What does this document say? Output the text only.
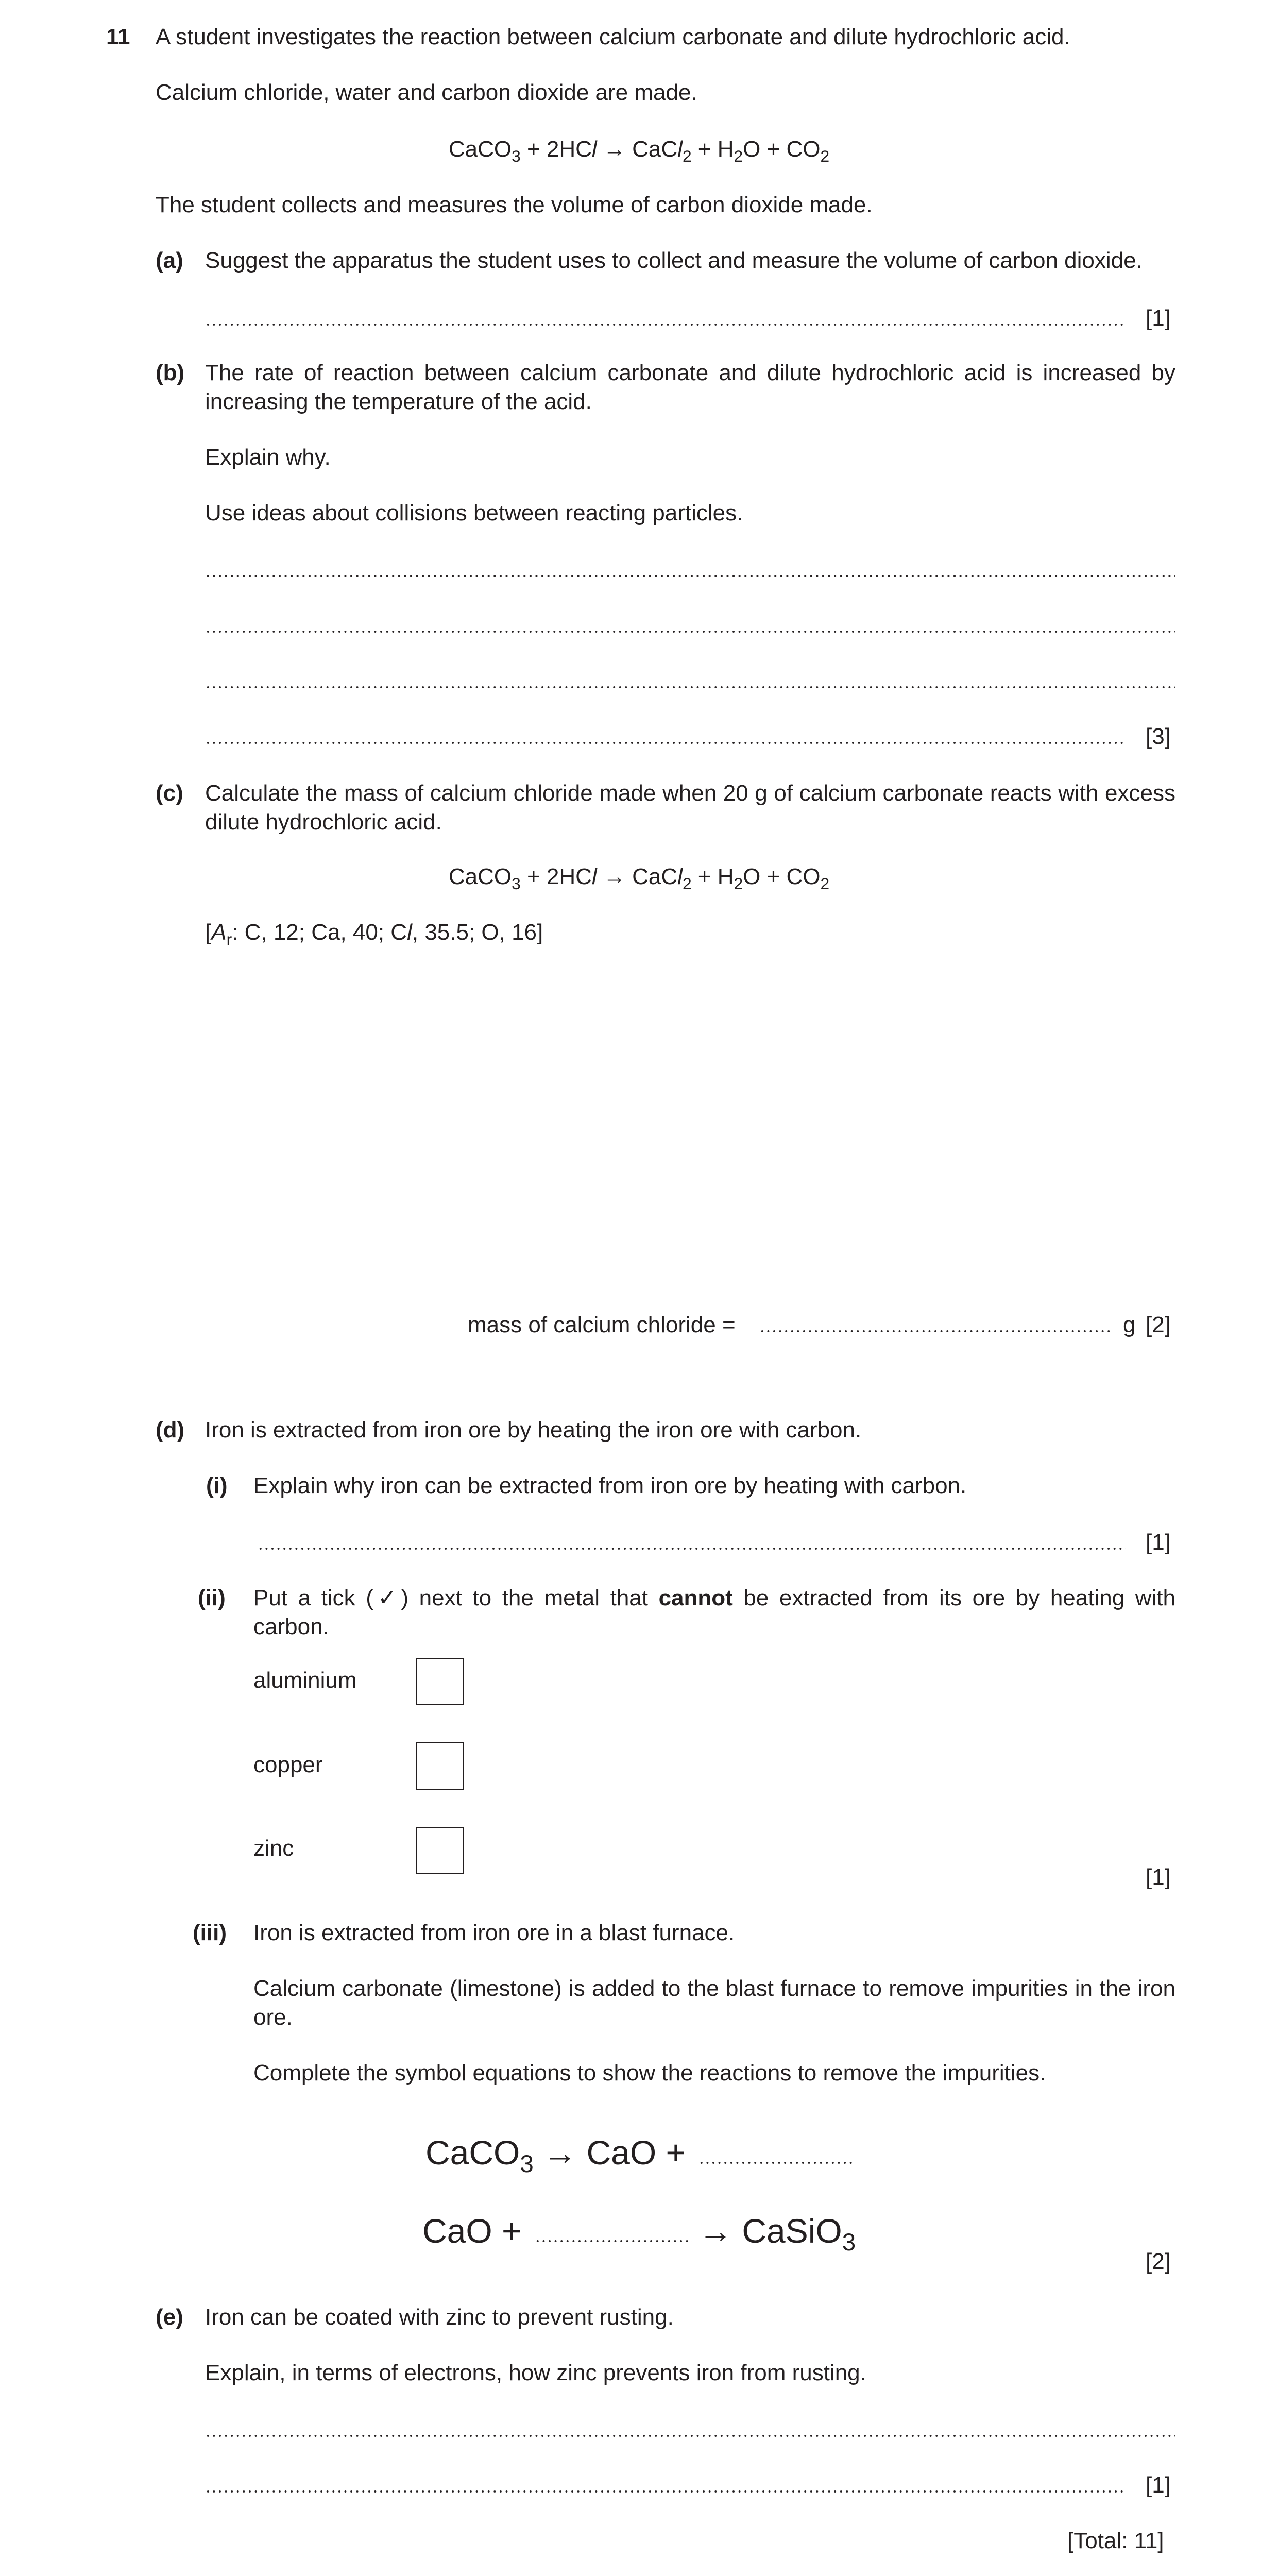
11 A student investigates the reaction between calcium carbonate and dilute hydrochloric acid.
Calcium chloride, water and carbon dioxide are made.
CaCO$_3$ + 2HCl → CaCl$_2$ + $H_2O + CO_2$
The student collects and measures the volume of carbon dioxide made.
(a) Suggest the apparatus the student uses to collect and measure the volume of carbon dioxide.
[1]
(b) The rate of reaction between calcium carbonate and dilute hydrochloric acid is increased by increasing the temperature of the acid.
Explain why.
Use ideas about collisions between reacting particles.
[3]
(c) Calculate the mass of calcium chloride made when 20 g of calcium carbonate reacts with excess dilute hydrochloric acid.
CaCO$_3$ + 2HCl → CaCl$_2$ + $H_2O + CO_2$
[$A_r$: C, 12; Ca, 40; Cl, 35.5; O, 16]
mass of calcium chloride =	g [2]
(d) Iron is extracted from iron ore by heating the iron ore with carbon.
(i) Explain why iron can be extracted from iron ore by heating with carbon.
[1]
(ii) Put a tick (✓) next to the metal that cannot be extracted from its ore by heating with carbon.
aluminium
copper
zinc
[1]
(iii) Iron is extracted from iron ore in a blast furnace.
Calcium carbonate (limestone) is added to the blast furnace to remove impurities in the iron ore.
Complete the symbol equations to show the reactions to remove the impurities.
CaCO$_3$ → CaO +
CaO +	→ CaSiO$_3$
[2]
(e) Iron can be coated with zinc to prevent rusting.
Explain, in terms of electrons, how zinc prevents iron from rusting.
[1]
[Total: 11]
